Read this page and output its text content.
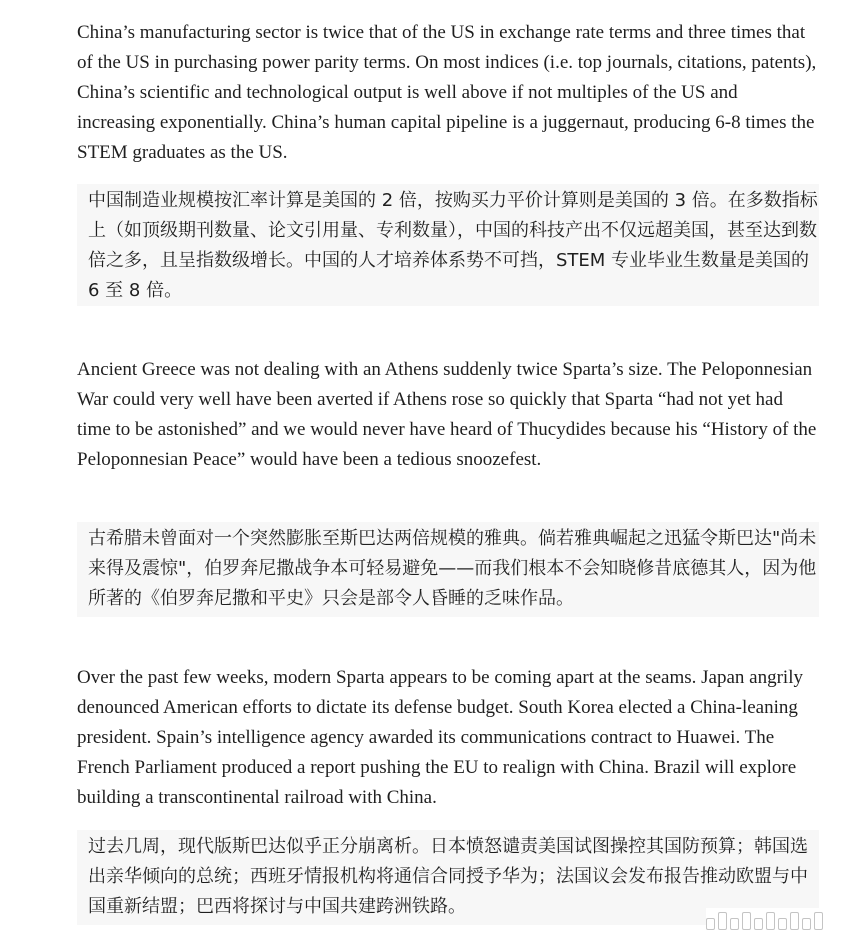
China’s manufacturing sector is twice that of the US in exchange rate terms and three times that of the US in purchasing power parity terms. On most indices (i.e. top journals, citations, patents), China’s scientific and technological output is well above if not multiples of the US and increasing exponentially. China’s human capital pipeline is a juggernaut, producing 6-8 times the STEM graduates as the US.

中国制造业规模按汇率计算是美国的 2 倍，按购买力平价计算则是美国的 3 倍。在多数指标上（如顶级期刊数量、论文引用量、专利数量），中国的科技产出不仅远超美国，甚至达到数倍之多，且呈指数级增长。中国的人才培养体系势不可挡，STEM 专业毕业生数量是美国的 6 至 8 倍。

Ancient Greece was not dealing with an Athens suddenly twice Sparta’s size. The Peloponnesian War could very well have been averted if Athens rose so quickly that Sparta “had not yet had time to be astonished” and we would never have heard of Thucydides because his “History of the Peloponnesian Peace” would have been a tedious snoozefest.

古希腊未曾面对一个突然膨胀至斯巴达两倍规模的雅典。倘若雅典崛起之迅猛令斯巴达"尚未来得及震惊"，伯罗奔尼撒战争本可轻易避免——而我们根本不会知晓修昔底德其人，因为他所著的《伯罗奔尼撒和平史》只会是部令人昏睡的乏味作品。

Over the past few weeks, modern Sparta appears to be coming apart at the seams. Japan angrily denounced American efforts to dictate its defense budget. South Korea elected a China-leaning president. Spain’s intelligence agency awarded its communications contract to Huawei. The French Parliament produced a report pushing the EU to realign with China. Brazil will explore building a transcontinental railroad with China.

过去几周，现代版斯巴达似乎正分崩离析。日本愤怒谴责美国试图操控其国防预算；韩国选出亲华倾向的总统；西班牙情报机构将通信合同授予华为；法国议会发布报告推动欧盟与中国重新结盟；巴西将探讨与中国共建跨洲铁路。
